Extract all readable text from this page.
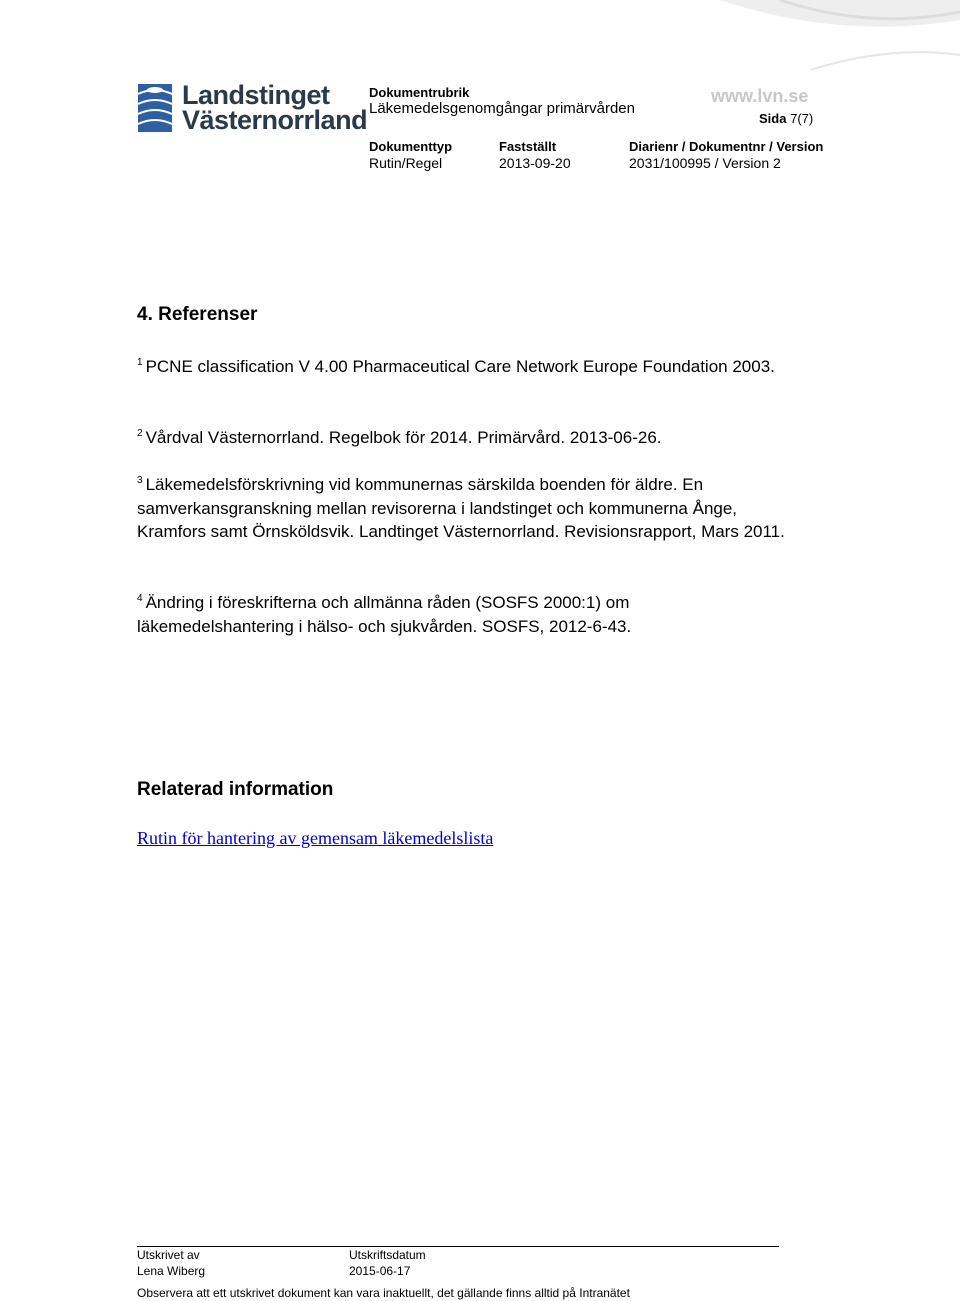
Landstinget
Västernorrland
Dokumentrubrik
Läkemedelsgenomgångar primärvården
www.lvn.se
Sida 7(7)
Dokumenttyp
Rutin/Regel
Fastställt
2013-09-20
Diarienr / Dokumentnr / Version
2031/100995 / Version 2
4. Referenser
$^1$ PCNE classification V 4.00 Pharmaceutical Care Network Europe Foundation 2003.
$^2$ Vårdval Västernorrland. Regelbok för 2014. Primärvård. 2013-06-26.
$^3$ Läkemedelsförskrivning vid kommunernas särskilda boenden för äldre. En samverkansgranskning mellan revisorerna i landstinget och kommunerna Ånge, Kramfors samt Örnsköldsvik. Landtinget Västernorrland. Revisionsrapport, Mars 2011.
$^4$ Ändring i föreskrifterna och allmänna råden (SOSFS 2000:1) om läkemedelshantering i hälso- och sjukvården. SOSFS, 2012-6-43.
Relaterad information
Rutin för hantering av gemensam läkemedelslista
Utskrivet av
Lena Wiberg
Utskriftsdatum
2015-06-17
Observera att ett utskrivet dokument kan vara inaktuellt, det gällande finns alltid på Intranätet
